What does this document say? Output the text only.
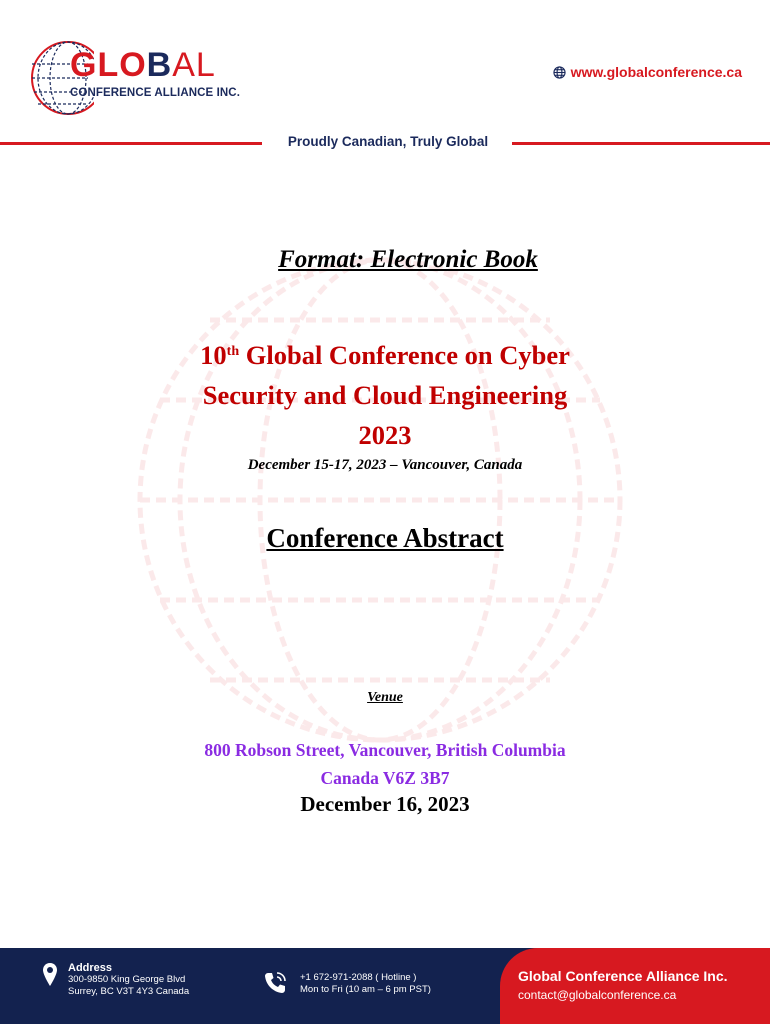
GLOBAL
CONFERENCE ALLIANCE INC.
www.globalconference.ca
Proudly Canadian, Truly Global
Format: Electronic Book
10th Global Conference on Cyber
Security and Cloud Engineering
2023
December 15-17, 2023 – Vancouver, Canada
Conference Abstract
Venue
800 Robson Street, Vancouver, British Columbia
Canada V6Z 3B7
December 16, 2023
Address
300-9850 King George Blvd
Surrey, BC V3T 4Y3 Canada
+1 672-971-2088 ( Hotline )
Mon to Fri (10 am – 6 pm PST)
Global Conference Alliance Inc.
contact@globalconference.ca
